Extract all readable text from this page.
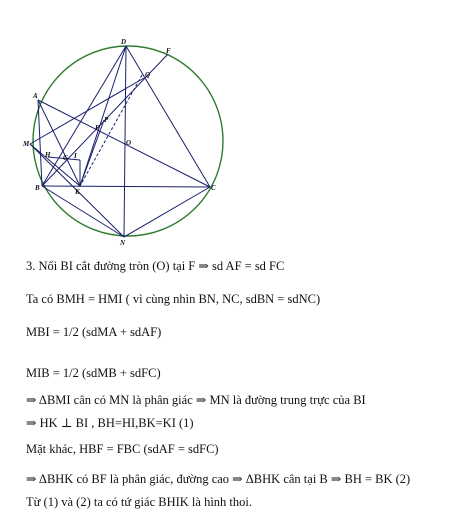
D
F
Q
A
P
E
M
H	I
G
O
B	K	C
N
3. Nối BI cắt đường tròn (O) tại F ⇒ sd AF = sd FC
Ta có BMH = HMI ( vì cùng nhìn BN, NC, sdBN = sdNC)
MBI = 1/2 (sdMA + sdAF)
MIB = 1/2 (sdMB + sdFC)
⇒ ΔBMI cân có MN là phân giác ⇒ MN là đường trung trực của BI
⇒ HK ⊥ BI , BH=HI,BK=KI (1)
Mặt khác, HBF = FBC (sdAF = sdFC)
⇒ ΔBHK có BF là phân giác, đường cao ⇒ ΔBHK cân tại B ⇒ BH = BK (2)
Từ (1) và (2) ta có tứ giác BHIK là hình thoi.
